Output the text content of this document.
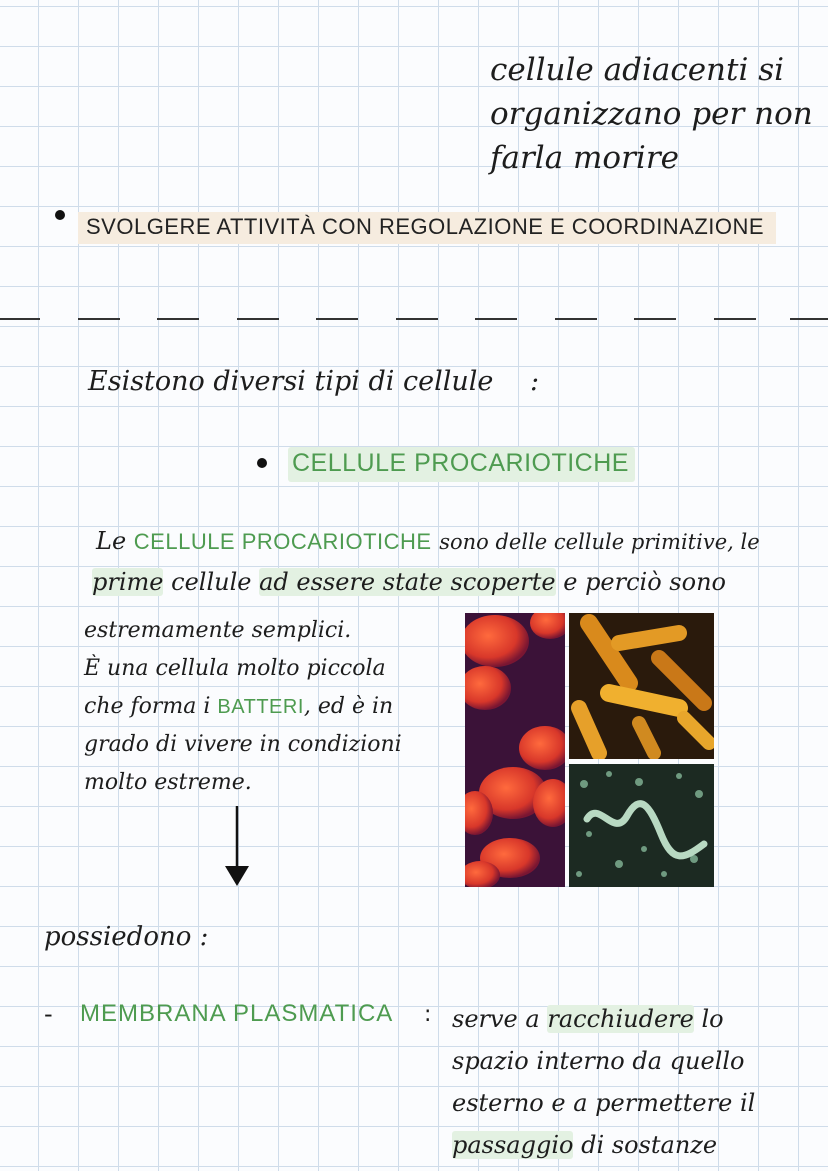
cellule adiacenti si
organizzano per non
farla morire
SVOLGERE ATTIVITÀ CON REGOLAZIONE E COORDINAZIONE
Esistono diversi tipi di cellule :
CELLULE PROCARIOTICHE
Le CELLULE PROCARIOTICHE sono delle cellule primitive, le
prime cellule ad essere state scoperte e perciò sono
estremamente semplici.
È una cellula molto piccola
che forma i BATTERI, ed è in
grado di vivere in condizioni
molto estreme.
possiedono :
- MEMBRANA PLASMATICA : serve a racchiudere lo
spazio interno da quello
esterno e a permettere il
passaggio di sostanze
